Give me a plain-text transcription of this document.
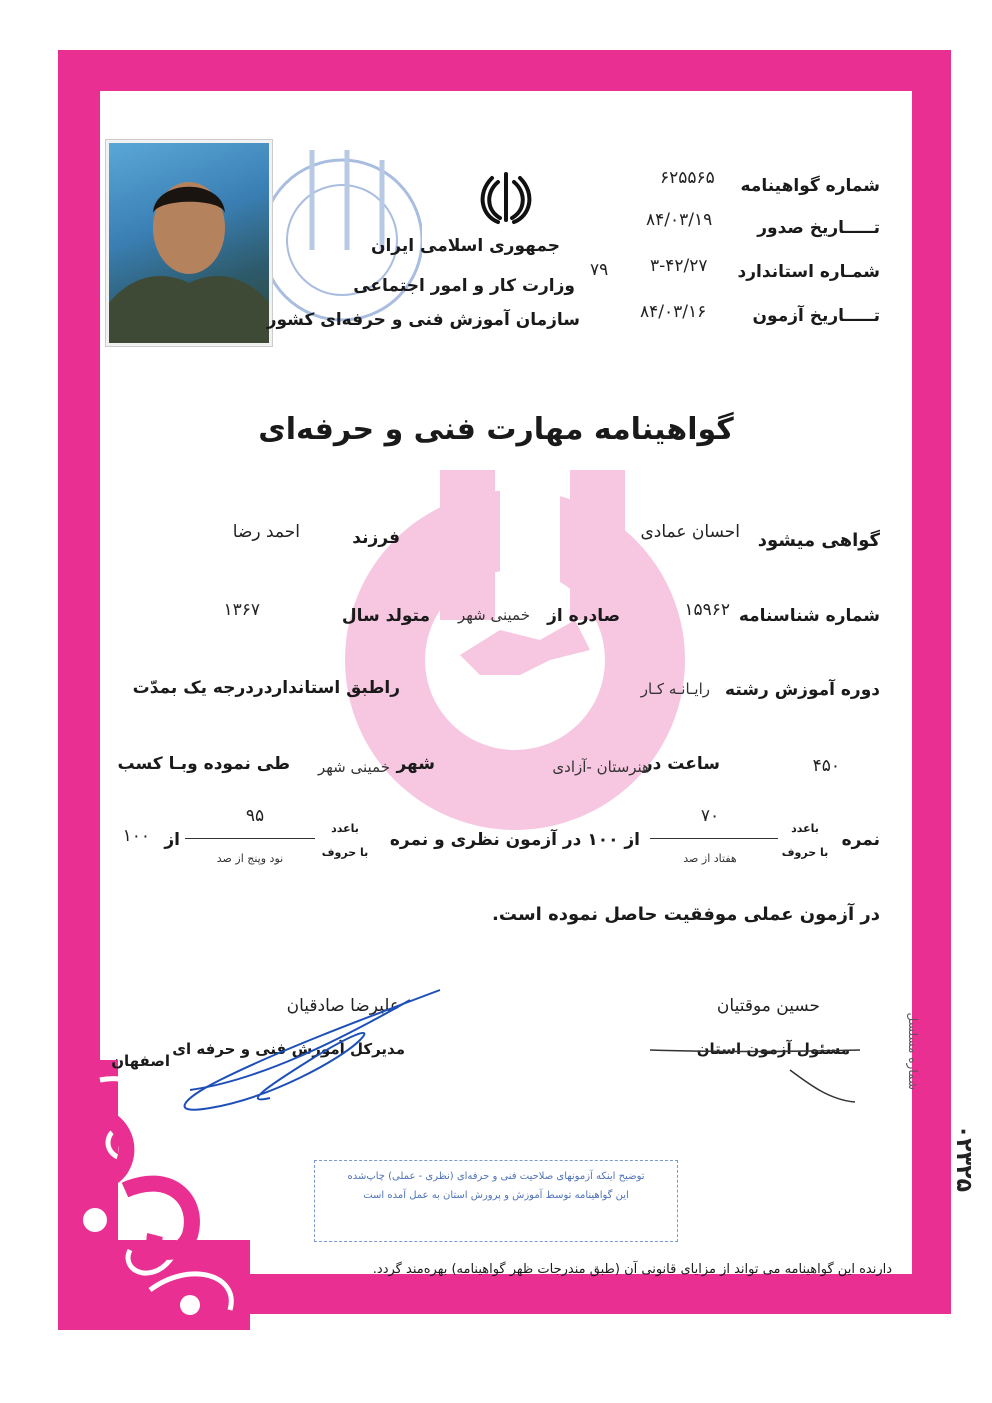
جمهوری اسلامی ایران
وزارت کار و امور اجتماعی
سازمان آموزش فنی و حرفه‌ای کشور
شماره گواهینامه
۶۲۵۵۶۵
تـــــاريخ صدور
۸۴/۰۳/۱۹
شمـاره استاندارد
۳-۴۲/۲۷
۷۹
تـــــاريخ آزمون
۸۴/۰۳/۱۶
گواهینامه مهارت فنی و حرفه‌ای
گواهی میشود
احسان عمادی
فرزند
احمد رضا
شماره شناسنامه
۱۵۹۶۲
صادره از
خمینی شهر
متولد سال
۱۳۶۷
دوره آموزش رشته
رایـانـه کـار
راطبق استانداردردرجه یک بمدّت
۴۵۰
ساعت در
هنرستان -آزادی
شهر
خمینی شهر
طی نموده وبـا کسب
نمره
باعدد
با حروف
۷۰
هفتاد از صد
از ۱۰۰ در آزمون نظری و نمره
باعدد
با حروف
۹۵
نود وپنج از صد
از
۱۰۰
در آزمون عملی موفقیت حاصل نموده است.
شماره مسلسل
۰۲۳۲۵
حسین موقتیان
مسئول آزمون استان
علیرضا صادقیان
مدیرکل آموزش فنی و حرفه ای
اصفهان
توضیح اینکه آزمونهای صلاحیت فنی و حرفه‌ای (نظری - عملی) چاپ‌شده
این گواهینامه توسط آموزش و پرورش استان به عمل آمده است
دارنده این گواهینامه می تواند از مزایای قانونی آن (طبق مندرجات ظهر گواهینامه) بهره‌مند گردد.
